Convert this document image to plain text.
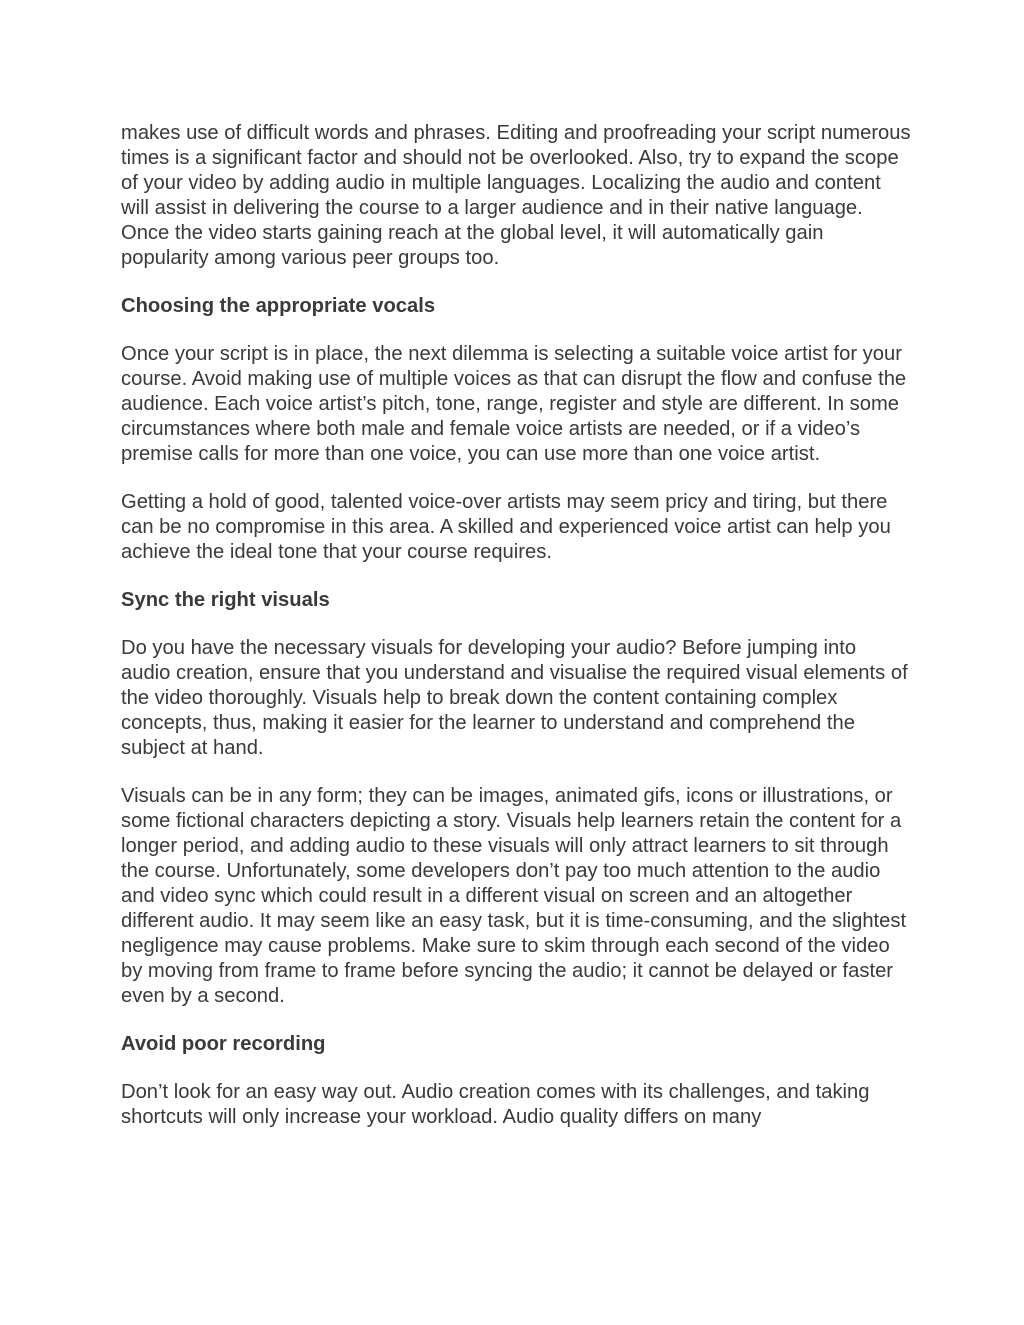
makes use of difficult words and phrases. Editing and proofreading your script numerous times is a significant factor and should not be overlooked. Also, try to expand the scope of your video by adding audio in multiple languages. Localizing the audio and content will assist in delivering the course to a larger audience and in their native language. Once the video starts gaining reach at the global level, it will automatically gain popularity among various peer groups too.

Choosing the appropriate vocals

Once your script is in place, the next dilemma is selecting a suitable voice artist for your course. Avoid making use of multiple voices as that can disrupt the flow and confuse the audience. Each voice artist’s pitch, tone, range, register and style are different. In some circumstances where both male and female voice artists are needed, or if a video’s premise calls for more than one voice, you can use more than one voice artist.

Getting a hold of good, talented voice-over artists may seem pricy and tiring, but there can be no compromise in this area. A skilled and experienced voice artist can help you achieve the ideal tone that your course requires.

Sync the right visuals

Do you have the necessary visuals for developing your audio? Before jumping into audio creation, ensure that you understand and visualise the required visual elements of the video thoroughly. Visuals help to break down the content containing complex concepts, thus, making it easier for the learner to understand and comprehend the subject at hand.

Visuals can be in any form; they can be images, animated gifs, icons or illustrations, or some fictional characters depicting a story. Visuals help learners retain the content for a longer period, and adding audio to these visuals will only attract learners to sit through the course. Unfortunately, some developers don’t pay too much attention to the audio and video sync which could result in a different visual on screen and an altogether different audio. It may seem like an easy task, but it is time-consuming, and the slightest negligence may cause problems. Make sure to skim through each second of the video by moving from frame to frame before syncing the audio; it cannot be delayed or faster even by a second.

Avoid poor recording

Don’t look for an easy way out. Audio creation comes with its challenges, and taking shortcuts will only increase your workload. Audio quality differs on many
